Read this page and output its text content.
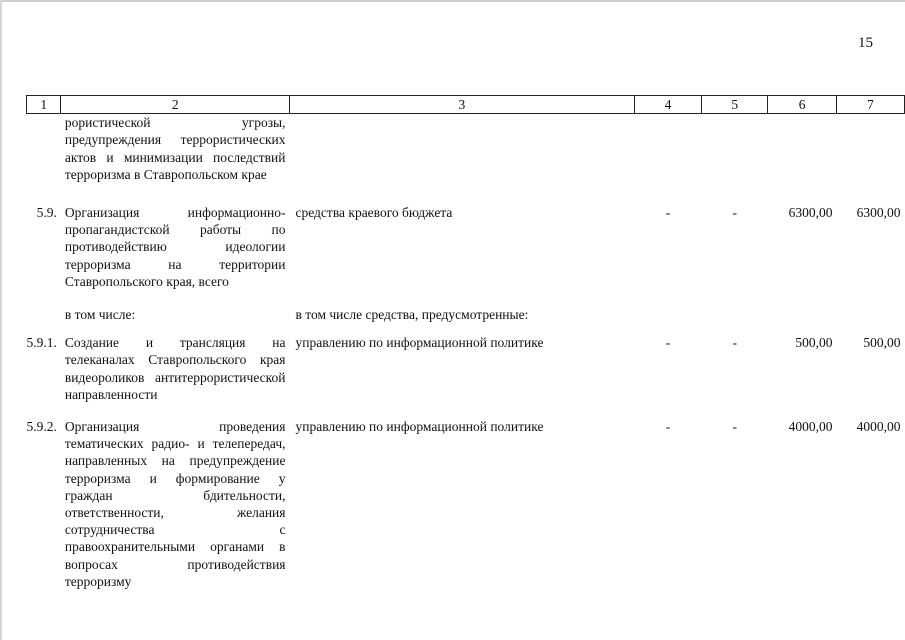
15
1	2	3	4	5	6	7
	рористической угрозы, предупреждения террористических актов и минимизации последствий терроризма в Ставропольском крае					

5.9.	Организация информационно-пропагандистской работы по противодействию идеологии терроризма на территории Ставропольского края, всего	средства краевого бюджета	-	-	6300,00	6300,00

	в том числе:	в том числе средства, предусмотренные:				

5.9.1.	Создание и трансляция на телеканалах Ставропольского края видеороликов антитеррористической направленности	управлению по информационной политике	-	-	500,00	500,00

5.9.2.	Организация проведения тематических радио- и телепередач, направленных на предупреждение терроризма и формирование у граждан бдительности, ответственности, желания сотрудничества с правоохранительными органами в вопросах противодействия терроризму	управлению по информационной политике	-	-	4000,00	4000,00
